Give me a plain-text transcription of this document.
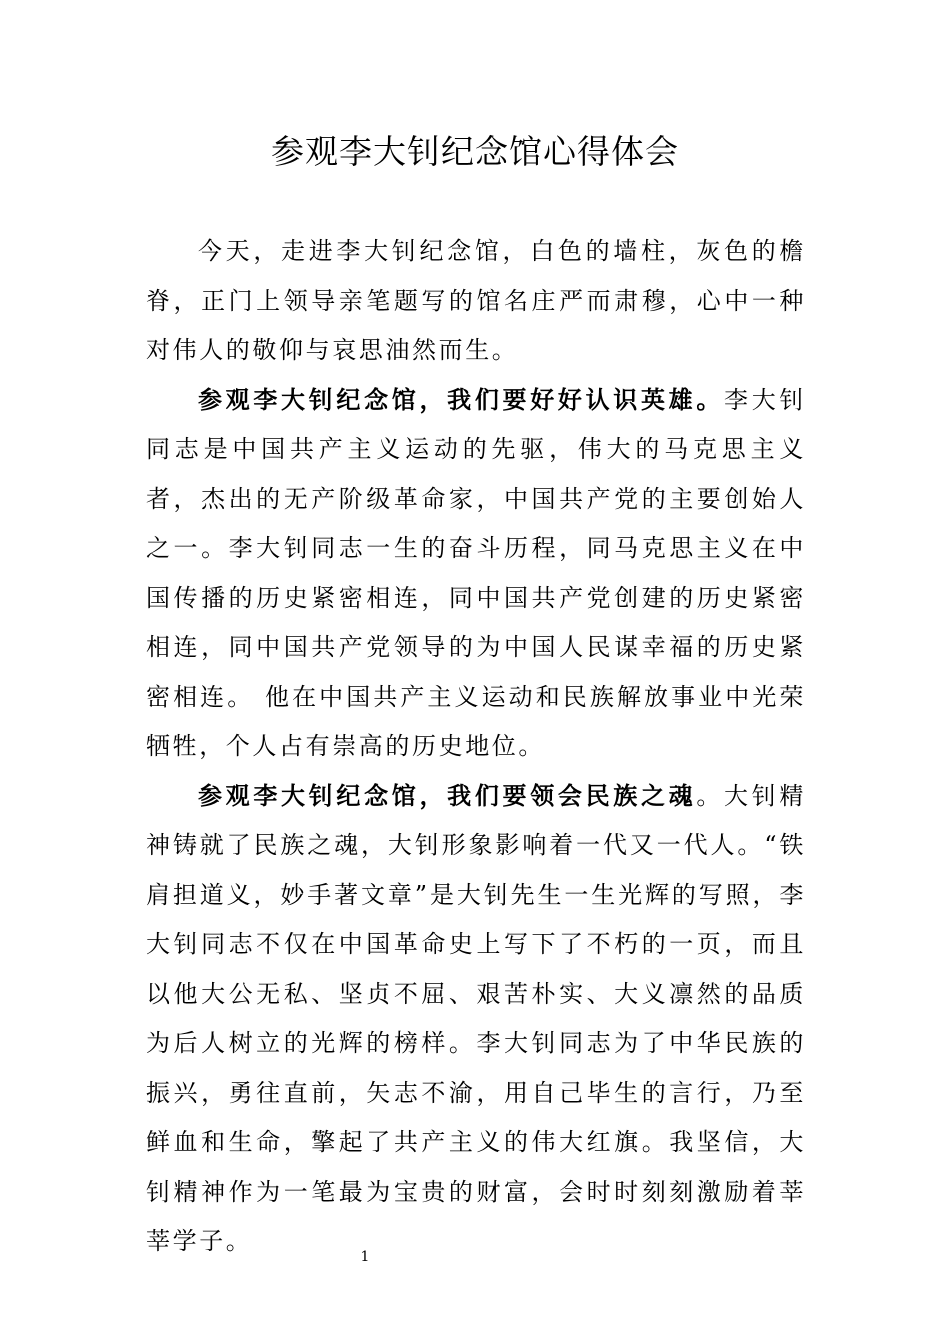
参观李大钊纪念馆心得体会

今天，走进李大钊纪念馆，白色的墙柱，灰色的檐脊，正门上领导亲笔题写的馆名庄严而肃穆，心中一种对伟人的敬仰与哀思油然而生。

参观李大钊纪念馆，我们要好好认识英雄。李大钊同志是中国共产主义运动的先驱，伟大的马克思主义者，杰出的无产阶级革命家，中国共产党的主要创始人之一。李大钊同志一生的奋斗历程，同马克思主义在中国传播的历史紧密相连，同中国共产党创建的历史紧密相连，同中国共产党领导的为中国人民谋幸福的历史紧密相连。 他在中国共产主义运动和民族解放事业中光荣牺牲，个人占有崇高的历史地位。

参观李大钊纪念馆，我们要领会民族之魂。大钊精神铸就了民族之魂，大钊形象影响着一代又一代人。“铁肩担道义，妙手著文章”是大钊先生一生光辉的写照，李大钊同志不仅在中国革命史上写下了不朽的一页，而且以他大公无私、坚贞不屈、艰苦朴实、大义凛然的品质为后人树立的光辉的榜样。李大钊同志为了中华民族的振兴，勇往直前，矢志不渝，用自己毕生的言行，乃至鲜血和生命，擎起了共产主义的伟大红旗。我坚信，大钊精神作为一笔最为宝贵的财富，会时时刻刻激励着莘莘学子。

1
